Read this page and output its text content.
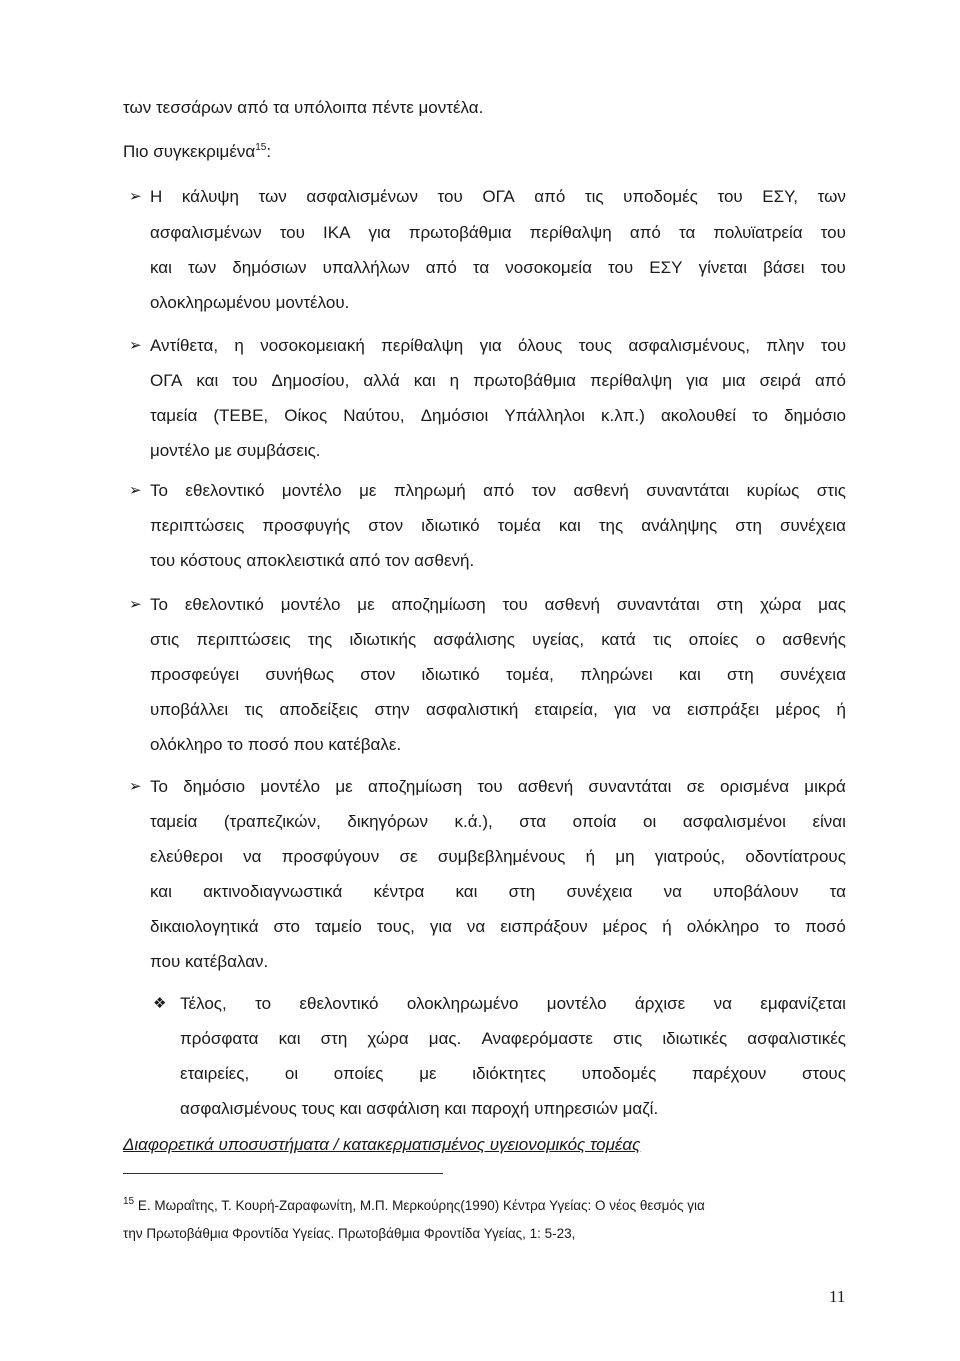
των τεσσάρων από τα υπόλοιπα πέντε μοντέλα.
Πιο συγκεκριμένα$^{15}$:
➢ Η κάλυψη των ασφαλισμένων του ΟΓΑ από τις υποδομές του ΕΣΥ, των
ασφαλισμένων του ΙΚΑ για πρωτοβάθμια περίθαλψη από τα πολυϊατρεία του
και των δημόσιων υπαλλήλων από τα νοσοκομεία του ΕΣΥ γίνεται βάσει του
ολοκληρωμένου μοντέλου.
➢ Αντίθετα, η νοσοκομειακή περίθαλψη για όλους τους ασφαλισμένους, πλην του
ΟΓΑ και του Δημοσίου, αλλά και η πρωτοβάθμια περίθαλψη για μια σειρά από
ταμεία (ΤΕΒΕ, Οίκος Ναύτου, Δημόσιοι Υπάλληλοι κ.λπ.) ακολουθεί το δημόσιο
μοντέλο με συμβάσεις.
➢ Το εθελοντικό μοντέλο με πληρωμή από τον ασθενή συναντάται κυρίως στις
περιπτώσεις προσφυγής στον ιδιωτικό τομέα και της ανάληψης στη συνέχεια
του κόστους αποκλειστικά από τον ασθενή.
➢ Το εθελοντικό μοντέλο με αποζημίωση του ασθενή συναντάται στη χώρα μας
στις περιπτώσεις της ιδιωτικής ασφάλισης υγείας, κατά τις οποίες ο ασθενής
προσφεύγει συνήθως στον ιδιωτικό τομέα, πληρώνει και στη συνέχεια
υποβάλλει τις αποδείξεις στην ασφαλιστική εταιρεία, για να εισπράξει μέρος ή
ολόκληρο το ποσό που κατέβαλε.
➢ Το δημόσιο μοντέλο με αποζημίωση του ασθενή συναντάται σε ορισμένα μικρά
ταμεία (τραπεζικών, δικηγόρων κ.ά.), στα οποία οι ασφαλισμένοι είναι
ελεύθεροι να προσφύγουν σε συμβεβλημένους ή μη γιατρούς, οδοντίατρους
και ακτινοδιαγνωστικά κέντρα και στη συνέχεια να υποβάλουν τα
δικαιολογητικά στο ταμείο τους, για να εισπράξουν μέρος ή ολόκληρο το ποσό
που κατέβαλαν.
❖ Τέλος, το εθελοντικό ολοκληρωμένο μοντέλο άρχισε να εμφανίζεται
πρόσφατα και στη χώρα μας. Αναφερόμαστε στις ιδιωτικές ασφαλιστικές
εταιρείες, οι οποίες με ιδιόκτητες υποδομές παρέχουν στους
ασφαλισμένους τους και ασφάλιση και παροχή υπηρεσιών μαζί.
Διαφορετικά υποσυστήματα / κατακερματισμένος υγειονομικός τομέας
$^{15}$ Ε. Μωραΐτης, Τ. Κουρή-Ζαραφωνίτη, Μ.Π. Μερκούρης(1990) Κέντρα Υγείας: Ο νέος θεσμός για
την Πρωτοβάθμια Φροντίδα Υγείας. Πρωτοβάθμια Φροντίδα Υγείας, 1: 5-23,
11
